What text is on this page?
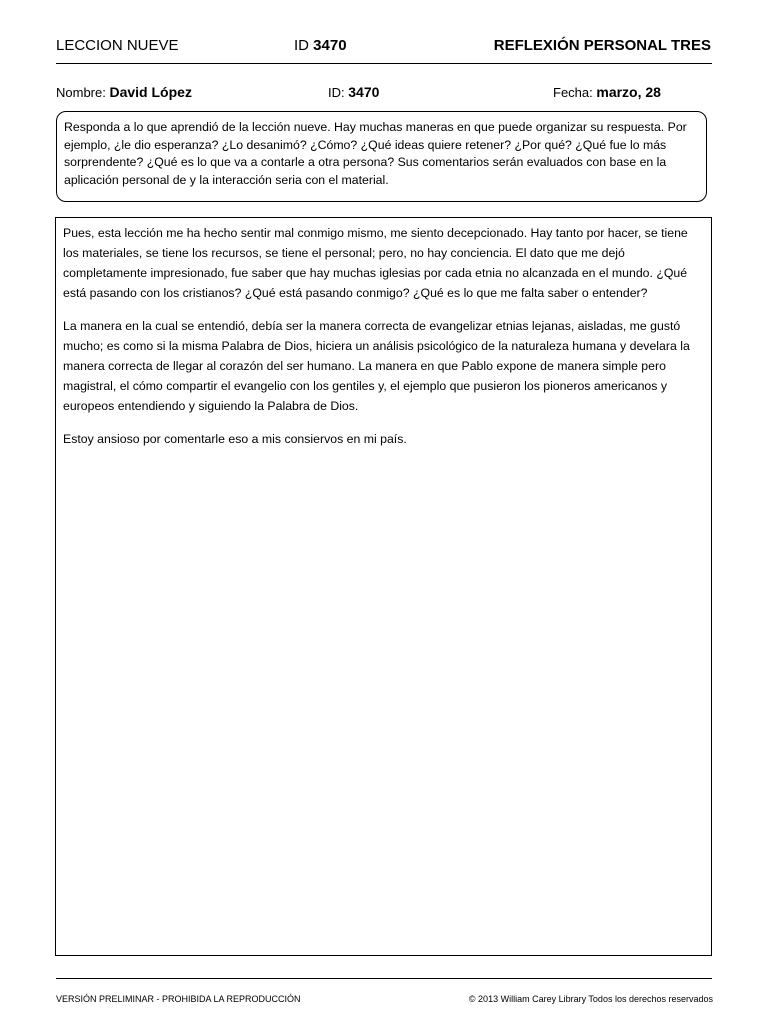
LECCION NUEVE	ID 3470	REFLEXIÓN PERSONAL TRES
Nombre: David López	ID: 3470	Fecha: marzo, 28
Responda a lo que aprendió de la lección nueve. Hay muchas maneras en que puede organizar su respuesta. Por ejemplo, ¿le dio esperanza? ¿Lo desanimó? ¿Cómo? ¿Qué ideas quiere retener? ¿Por qué? ¿Qué fue lo más sorprendente? ¿Qué es lo que va a contarle a otra persona? Sus comentarios serán evaluados con base en la aplicación personal de y la interacción seria con el material.

Pues, esta lección me ha hecho sentir mal conmigo mismo, me siento decepcionado. Hay tanto por hacer, se tiene los materiales, se tiene los recursos, se tiene el personal; pero, no hay conciencia. El dato que me dejó completamente impresionado, fue saber que hay muchas iglesias por cada etnia no alcanzada en el mundo. ¿Qué está pasando con los cristianos? ¿Qué está pasando conmigo? ¿Qué es lo que me falta saber o entender?

La manera en la cual se entendió, debía ser la manera correcta de evangelizar etnias lejanas, aisladas, me gustó mucho; es como si la misma Palabra de Dios, hiciera un análisis psicológico de la naturaleza humana y develara la manera correcta de llegar al corazón del ser humano. La manera en que Pablo expone de manera simple pero magistral, el cómo compartir el evangelio con los gentiles y, el ejemplo que pusieron los pioneros americanos y europeos entendiendo y siguiendo la Palabra de Dios.

Estoy ansioso por comentarle eso a mis consiervos en mi país.

VERSIÓN PRELIMINAR - PROHIBIDA LA REPRODUCCIÓN	© 2013 William Carey Library Todos los derechos reservados
